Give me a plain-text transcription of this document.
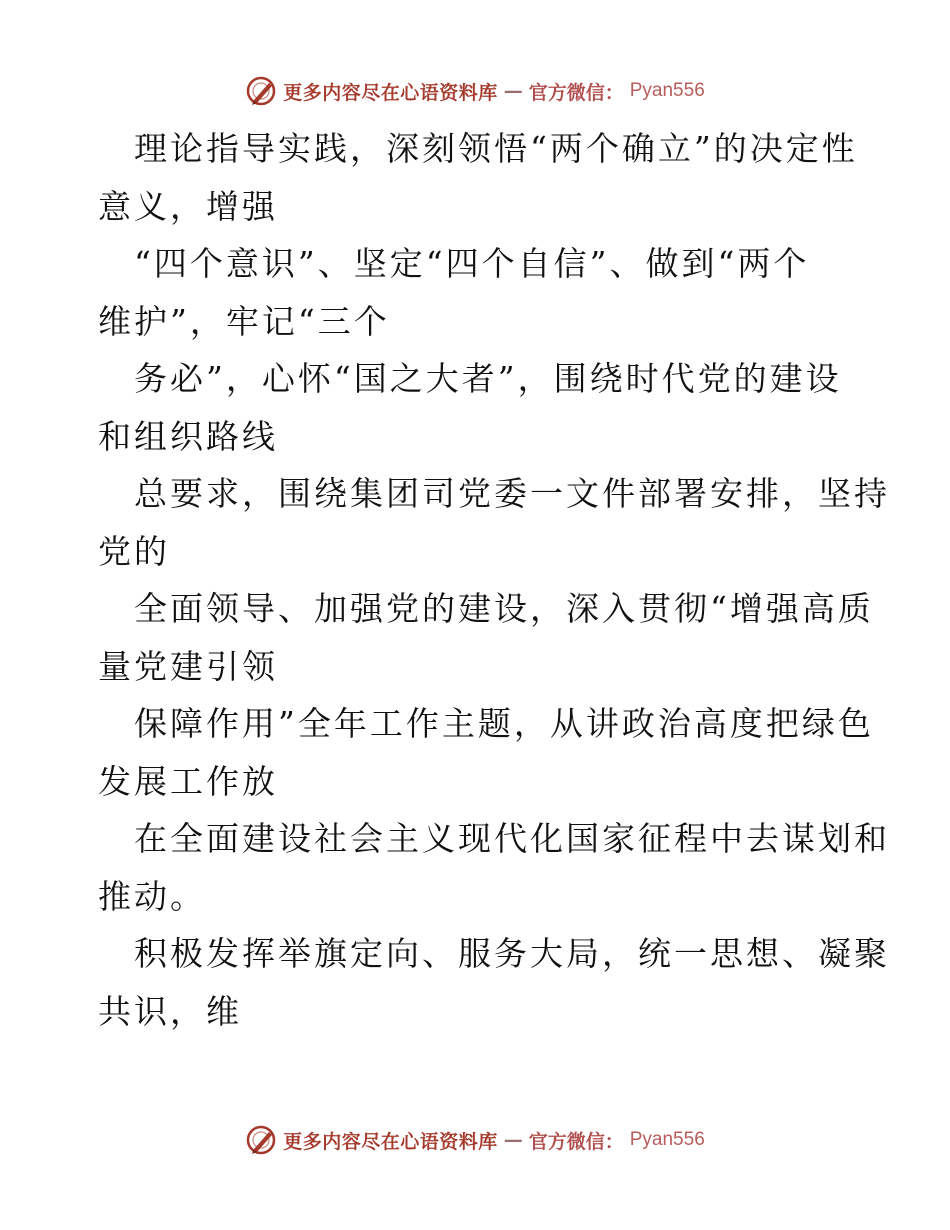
更多内容尽在心语资料库 — 官方微信： Pyan556

理论指导实践，深刻领悟“两个确立”的决定性

意义，增强

“四个意识”、坚定“四个自信”、做到“两个

维护”，牢记“三个

务必”，心怀“国之大者”，围绕时代党的建设

和组织路线

总要求，围绕集团司党委一文件部署安排，坚持

党的

全面领导、加强党的建设，深入贯彻“增强高质

量党建引领

保障作用”全年工作主题，从讲政治高度把绿色

发展工作放

在全面建设社会主义现代化国家征程中去谋划和

推动。

积极发挥举旗定向、服务大局，统一思想、凝聚

共识，维

更多内容尽在心语资料库 — 官方微信： Pyan556
